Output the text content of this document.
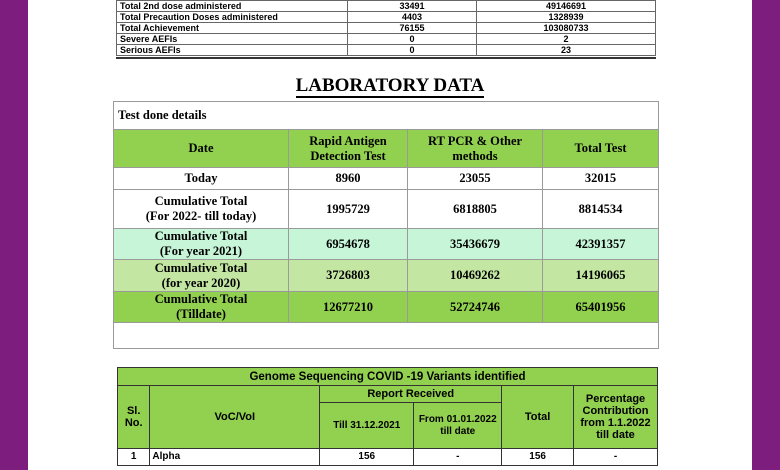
Total 2nd dose administered	33491	49146691
Total Precaution Doses administered	4403	1328939
Total Achievement	76155	103080733
Severe AEFIs	0	2
Serious AEFIs	0	23
LABORATORY DATA
Test done details			
Date	Rapid Antigen Detection Test	RT PCR & Other methods	Total Test
Today	8960	23055	32015
Cumulative Total
(For 2022- till today)	1995729	6818805	8814534
Cumulative Total
(For year 2021)	6954678	35436679	42391357
Cumulative Total
(for year 2020)	3726803	10469262	14196065
Cumulative Total
(Tilldate)	12677210	52724746	65401956

Genome Sequencing COVID -19 Variants identified					
Sl. No.	VoC/VoI	Report Received		Total	Percentage Contribution from 1.1.2022 till date
		Till 31.12.2021	From 01.01.2022 till date		
1	Alpha	156	-	156	-
